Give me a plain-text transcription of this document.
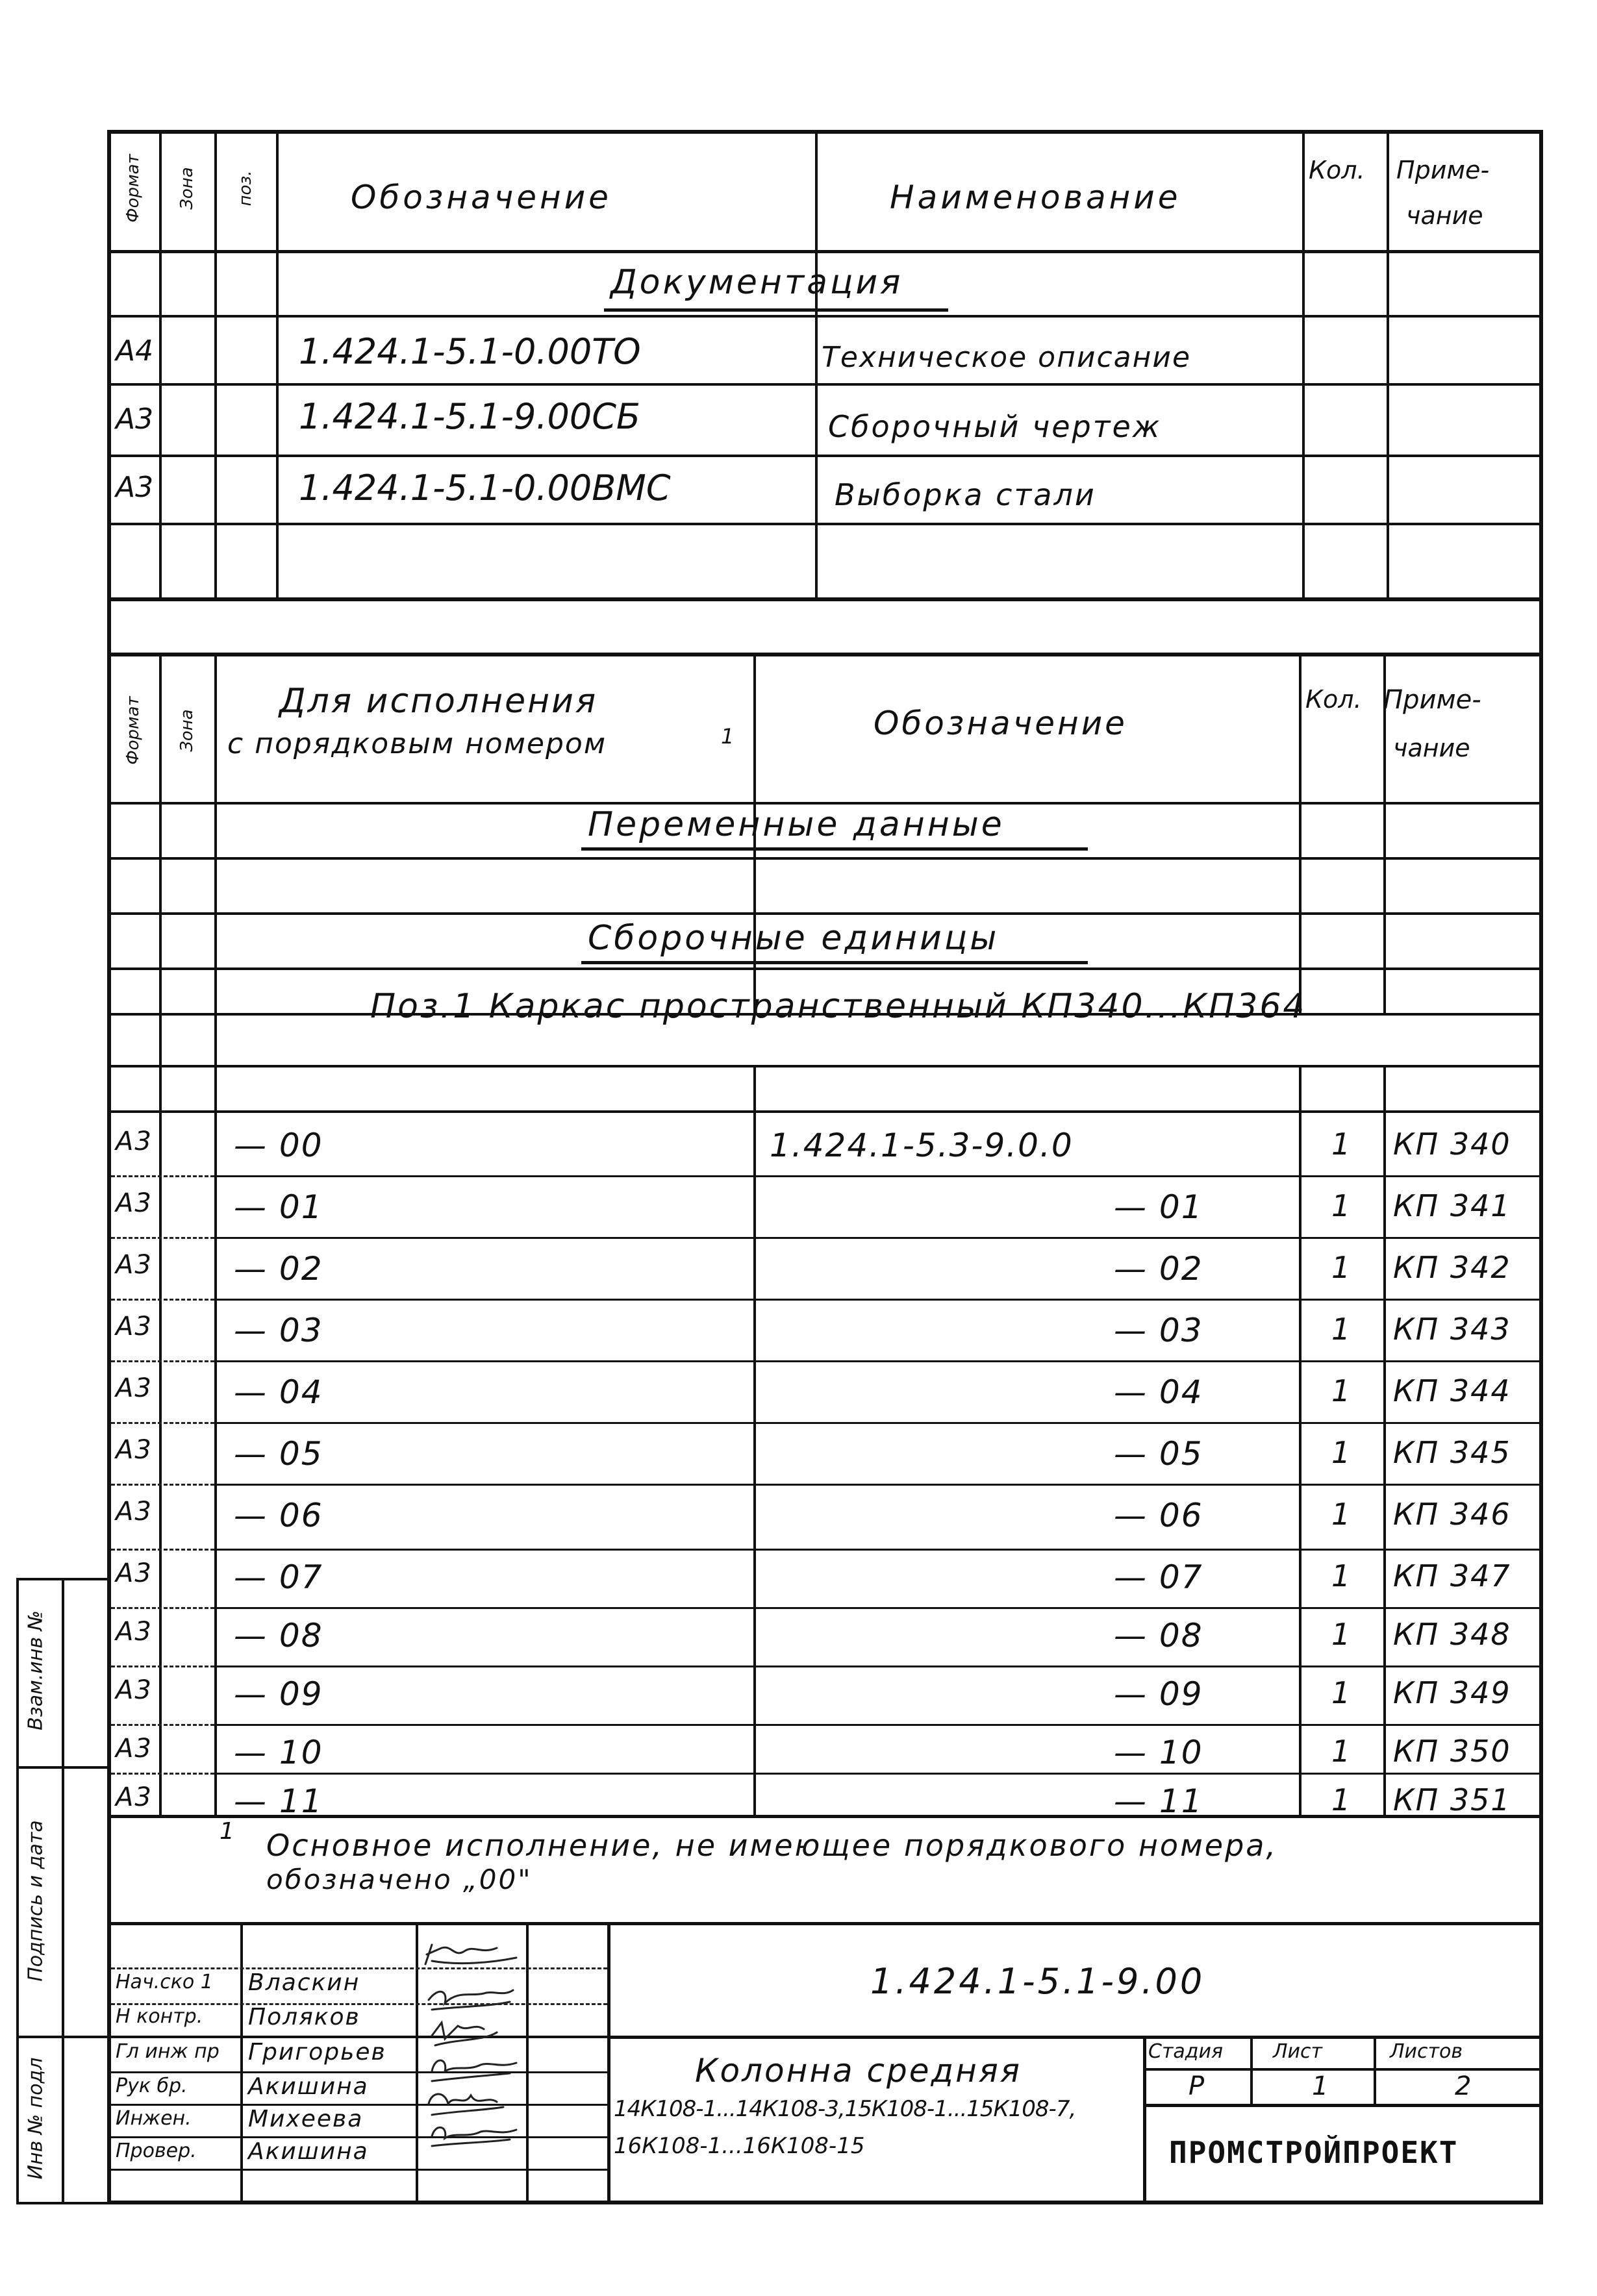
Формат Зона поз.	Обозначение	Наименование
Кол. Приме-
чание
Документация
А4	1.424.1-5.1-0.00ТО	Техническое описание
А3	1.424.1-5.1-9.00СБ	Сборочный чертеж
А3	1.424.1-5.1-0.00ВМС	Выборка стали
Формат Зона
Для исполнения
с порядковым номером	1	Обозначение
Кол. Приме-
чание
Переменные данные
Сборочные единицы
Поз.1 Каркас пространственный КП340...КП364
А3	— 00	1.424.1-5.3-9.0.0	1 КП 340
А3	— 01	— 01	1 КП 341
А3	— 02	— 02	1 КП 342
А3	— 03	— 03	1 КП 343
А3	— 04	— 04	1 КП 344
А3	— 05	— 05	1 КП 345
А3	— 06	— 06	1 КП 346
А3	— 07	— 07	1 КП 347
А3	— 08	— 08	1 КП 348
А3	— 09	— 09	1 КП 349
А3	— 10	— 10	1 КП 350
А3	— 11	— 11	1 КП 351
1 Основное исполнение, не имеющее порядкового номера,
обозначено „00"
1.424.1-5.1-9.00
Нач.ско 1 Власкин
Н контр. Поляков
Гл инж пр Григорьев
Рук бр.	Акишина
Инжен. Михеева
Провер. Акишина
Колонна средняя
14К108-1...14К108-3,15К108-1...15К108-7,
16К108-1...16К108-15
Стадия	Лист	Листов
Р	1	2
ПРОМСТРОЙПРОЕКТ
Взам.инв №
Подпись и дата
Инв № подл
